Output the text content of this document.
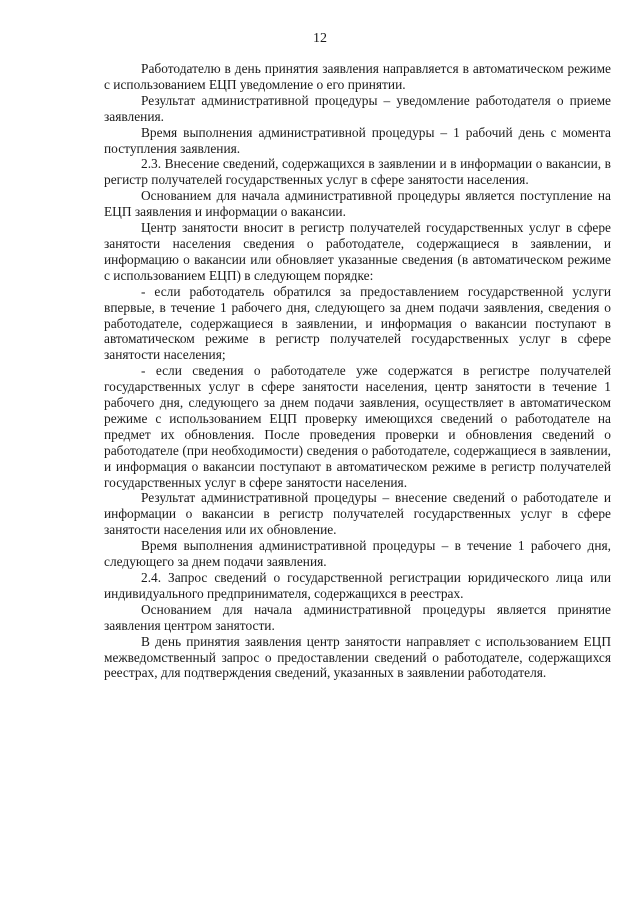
12

Работодателю в день принятия заявления направляется в автоматическом режиме с использованием ЕЦП уведомление о его принятии.

Результат административной процедуры – уведомление работодателя о приеме заявления.

Время выполнения административной процедуры – 1 рабочий день с момента поступления заявления.

2.3. Внесение сведений, содержащихся в заявлении и в информации о вакансии, в регистр получателей государственных услуг в сфере занятости населения.

Основанием для начала административной процедуры является поступление на ЕЦП заявления и информации о вакансии.

Центр занятости вносит в регистр получателей государственных услуг в сфере занятости населения сведения о работодателе, содержащиеся в заявлении, и информацию о вакансии или обновляет указанные сведения (в автоматическом режиме с использованием ЕЦП) в следующем порядке:

- если работодатель обратился за предоставлением государственной услуги впервые, в течение 1 рабочего дня, следующего за днем подачи заявления, сведения о работодателе, содержащиеся в заявлении, и информация о вакансии поступают в автоматическом режиме в регистр получателей государственных услуг в сфере занятости населения;

- если сведения о работодателе уже содержатся в регистре получателей государственных услуг в сфере занятости населения, центр занятости в течение 1 рабочего дня, следующего за днем подачи заявления, осуществляет в автоматическом режиме с использованием ЕЦП проверку имеющихся сведений о работодателе на предмет их обновления. После проведения проверки и обновления сведений о работодателе (при необходимости) сведения о работодателе, содержащиеся в заявлении, и информация о вакансии поступают в автоматическом режиме в регистр получателей государственных услуг в сфере занятости населения.

Результат административной процедуры – внесение сведений о работодателе и информации о вакансии в регистр получателей государственных услуг в сфере занятости населения или их обновление.

Время выполнения административной процедуры – в течение 1 рабочего дня, следующего за днем подачи заявления.

2.4. Запрос сведений о государственной регистрации юридического лица или индивидуального предпринимателя, содержащихся в реестрах.

Основанием для начала административной процедуры является принятие заявления центром занятости.

В день принятия заявления центр занятости направляет с использованием ЕЦП межведомственный запрос о предоставлении сведений о работодателе, содержащихся реестрах, для подтверждения сведений, указанных в заявлении работодателя.
